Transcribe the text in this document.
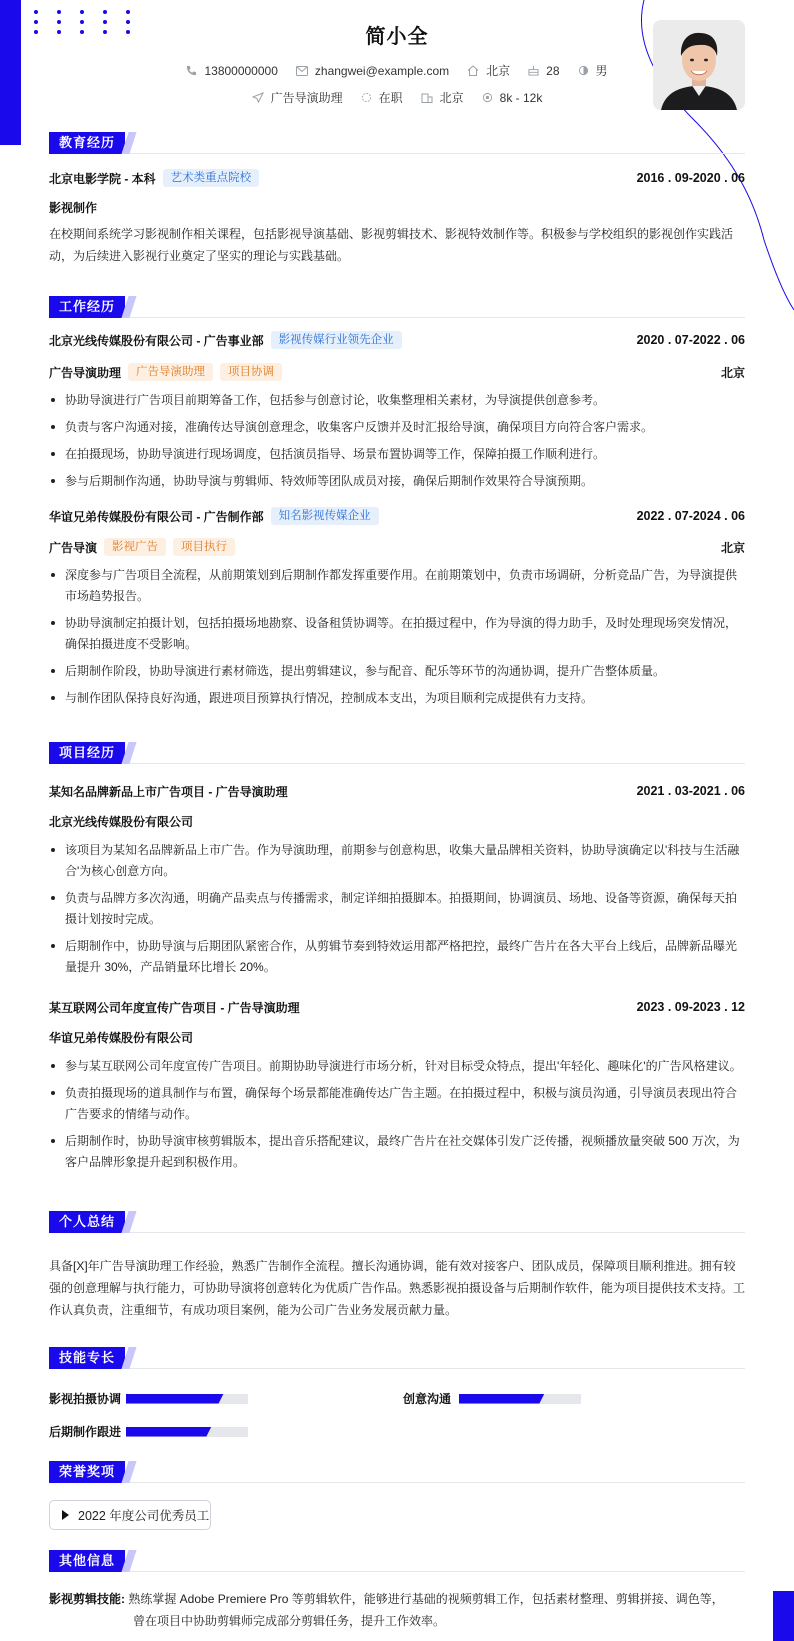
简小全
13800000000	zhangwei@example.com	北京	28	男
广告导演助理	在职	北京	8k - 12k
教育经历
北京电影学院 - 本科	艺术类重点院校	2016 . 09-2020 . 06
影视制作
在校期间系统学习影视制作相关课程，包括影视导演基础、影视剪辑技术、影视特效制作等。积极参与学校组织的影视创作实践活动，为后续进入影视行业奠定了坚实的理论与实践基础。
工作经历
北京光线传媒股份有限公司 - 广告事业部	影视传媒行业领先企业	2020 . 07-2022 . 06
广告导演助理	广告导演助理	项目协调	北京
协助导演进行广告项目前期筹备工作，包括参与创意讨论，收集整理相关素材，为导演提供创意参考。
负责与客户沟通对接，准确传达导演创意理念，收集客户反馈并及时汇报给导演，确保项目方向符合客户需求。
在拍摄现场，协助导演进行现场调度，包括演员指导、场景布置协调等工作，保障拍摄工作顺利进行。
参与后期制作沟通，协助导演与剪辑师、特效师等团队成员对接，确保后期制作效果符合导演预期。
华谊兄弟传媒股份有限公司 - 广告制作部	知名影视传媒企业	2022 . 07-2024 . 06
广告导演	影视广告	项目执行	北京
深度参与广告项目全流程，从前期策划到后期制作都发挥重要作用。在前期策划中，负责市场调研，分析竞品广告，为导演提供市场趋势报告。
协助导演制定拍摄计划，包括拍摄场地勘察、设备租赁协调等。在拍摄过程中，作为导演的得力助手，及时处理现场突发情况，确保拍摄进度不受影响。
后期制作阶段，协助导演进行素材筛选，提出剪辑建议，参与配音、配乐等环节的沟通协调，提升广告整体质量。
与制作团队保持良好沟通，跟进项目预算执行情况，控制成本支出，为项目顺利完成提供有力支持。
项目经历
某知名品牌新品上市广告项目 - 广告导演助理	2021 . 03-2021 . 06
北京光线传媒股份有限公司
该项目为某知名品牌新品上市广告。作为导演助理，前期参与创意构思，收集大量品牌相关资料，协助导演确定以'科技与生活融合'为核心创意方向。
负责与品牌方多次沟通，明确产品卖点与传播需求，制定详细拍摄脚本。拍摄期间，协调演员、场地、设备等资源，确保每天拍摄计划按时完成。
后期制作中，协助导演与后期团队紧密合作，从剪辑节奏到特效运用都严格把控，最终广告片在各大平台上线后，品牌新品曝光量提升 30%，产品销量环比增长 20%。
某互联网公司年度宣传广告项目 - 广告导演助理	2023 . 09-2023 . 12
华谊兄弟传媒股份有限公司
参与某互联网公司年度宣传广告项目。前期协助导演进行市场分析，针对目标受众特点，提出'年轻化、趣味化'的广告风格建议。
负责拍摄现场的道具制作与布置，确保每个场景都能准确传达广告主题。在拍摄过程中，积极与演员沟通，引导演员表现出符合广告要求的情绪与动作。
后期制作时，协助导演审核剪辑版本，提出音乐搭配建议，最终广告片在社交媒体引发广泛传播，视频播放量突破 500 万次，为客户品牌形象提升起到积极作用。
个人总结
具备[X]年广告导演助理工作经验，熟悉广告制作全流程。擅长沟通协调，能有效对接客户、团队成员，保障项目顺利推进。拥有较强的创意理解与执行能力，可协助导演将创意转化为优质广告作品。熟悉影视拍摄设备与后期制作软件，能为项目提供技术支持。工作认真负责，注重细节，有成功项目案例，能为公司广告业务发展贡献力量。
技能专长
影视拍摄协调	创意沟通
后期制作跟进
荣誉奖项
2022 年度公司优秀员工
其他信息
影视剪辑技能: 熟练掌握 Adobe Premiere Pro 等剪辑软件，能够进行基础的视频剪辑工作，包括素材整理、剪辑拼接、调色等，
曾在项目中协助剪辑师完成部分剪辑任务，提升工作效率。
